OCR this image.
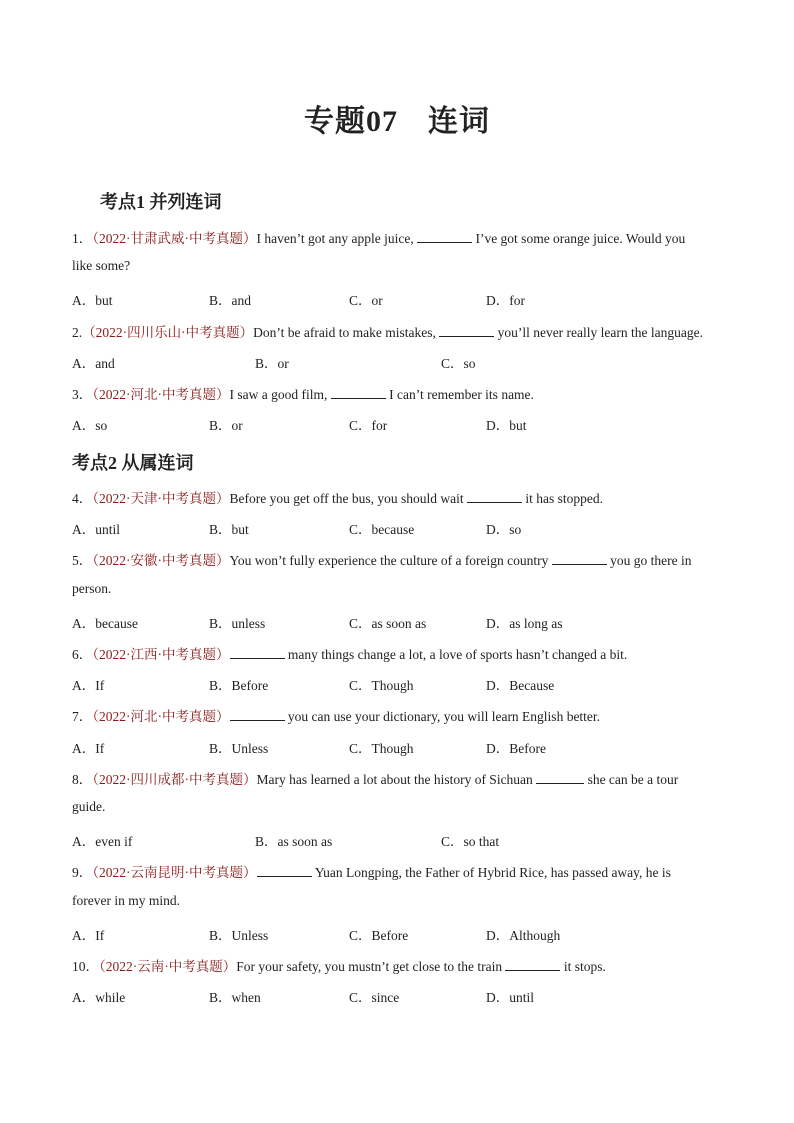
专题07 连词
考点1 并列连词
1．（2022·甘肃武威·中考真题）I haven’t got any apple juice,	I’ve got some orange juice. Would you
like some?
A．but	B．and	C．or	D．for
2.（2022·四川乐山·中考真题）Don’t be afraid to make mistakes,	you’ll never really learn the language.
A．and	B．or	C．so
3．（2022·河北·中考真题）I saw a good film,	I can’t remember its name.
A．so	B．or	C．for	D．but
考点2 从属连词
4．（2022·天津·中考真题）Before you get off the bus, you should wait	it has stopped.
A．until	B．but	C．because	D．so
5．（2022·安徽·中考真题）You won’t fully experience the culture of a foreign country	you go there in
person.
A．because	B．unless	C．as soon as	D．as long as
6．（2022·江西·中考真题）	many things change a lot, a love of sports hasn’t changed a bit.
A．If	B．Before	C．Though	D．Because
7．（2022·河北·中考真题）	you can use your dictionary, you will learn English better.
A．If	B．Unless	C．Though	D．Before
8．（2022·四川成都·中考真题）Mary has learned a lot about the history of Sichuan	she can be a tour
guide.
A．even if	B．as soon as	C．so that
9．（2022·云南昆明·中考真题）	Yuan Longping, the Father of Hybrid Rice, has passed away, he is
forever in my mind.
A．If	B．Unless	C．Before	D．Although
10．（2022·云南·中考真题）For your safety, you mustn’t get close to the train	it stops.
A．while	B．when	C．since	D．until
